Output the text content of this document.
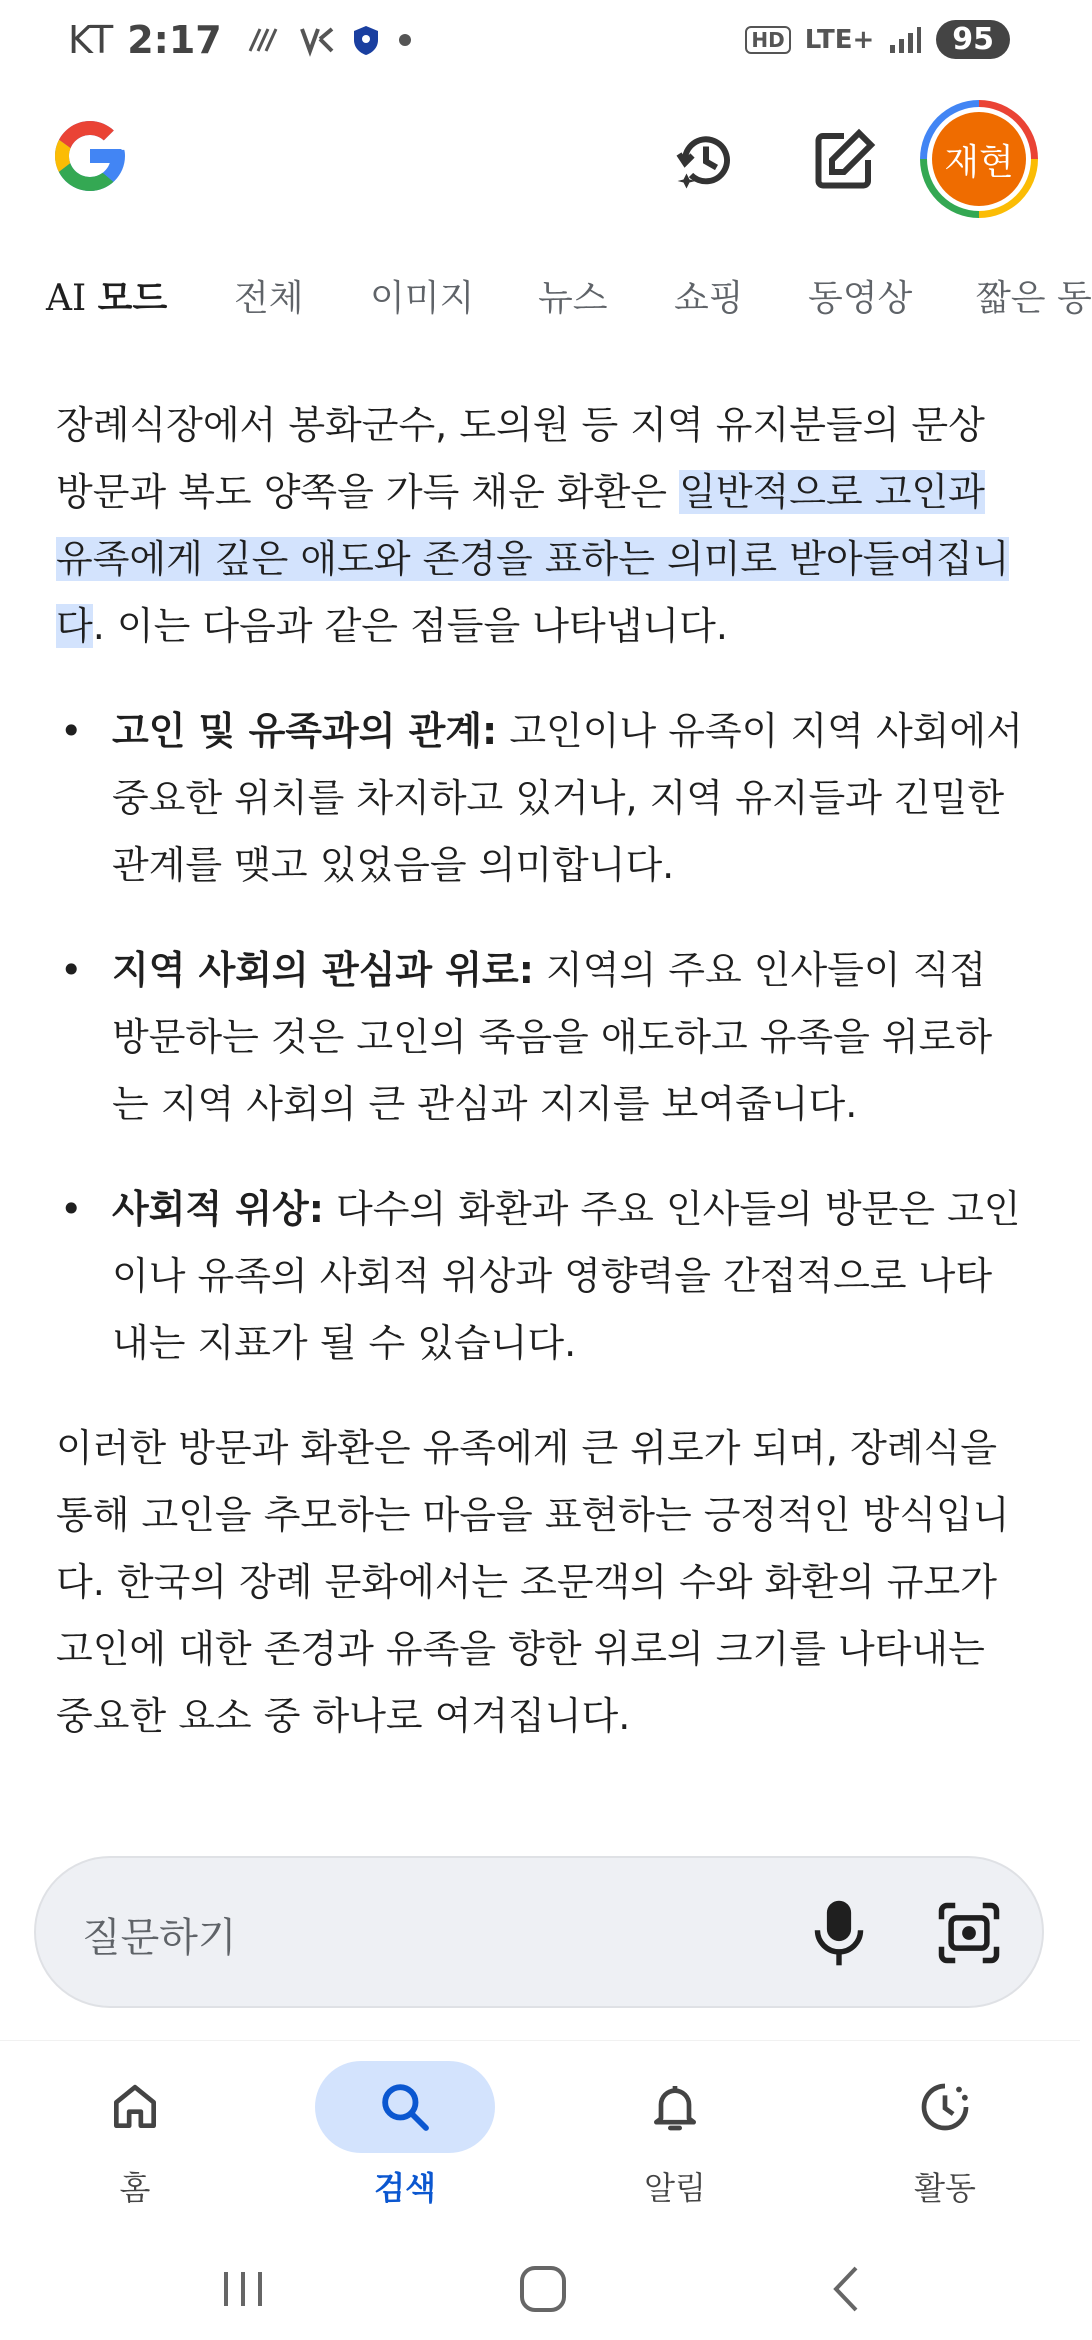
KT 2:17	HD LTE+	95
재현
AI 모드 전체 이미지 뉴스 쇼핑 동영상 짧은 동
장례식장에서 봉화군수, 도의원 등 지역 유지분들의 문상 방문과 복도 양쪽을 가득 채운 화환은 일반적으로 고인과 유족에게 깊은 애도와 존경을 표하는 의미로 받아들여집니다. 이는 다음과 같은 점들을 나타냅니다.
• 고인 및 유족과의 관계: 고인이나 유족이 지역 사회에서 중요한 위치를 차지하고 있거나, 지역 유지들과 긴밀한 관계를 맺고 있었음을 의미합니다.
• 지역 사회의 관심과 위로: 지역의 주요 인사들이 직접 방문하는 것은 고인의 죽음을 애도하고 유족을 위로하는 지역 사회의 큰 관심과 지지를 보여줍니다.
• 사회적 위상: 다수의 화환과 주요 인사들의 방문은 고인이나 유족의 사회적 위상과 영향력을 간접적으로 나타내는 지표가 될 수 있습니다.
이러한 방문과 화환은 유족에게 큰 위로가 되며, 장례식을 통해 고인을 추모하는 마음을 표현하는 긍정적인 방식입니다. 한국의 장례 문화에서는 조문객의 수와 화환의 규모가 고인에 대한 존경과 유족을 향한 위로의 크기를 나타내는 중요한 요소 중 하나로 여겨집니다.
질문하기
홈	검색	알림	활동
